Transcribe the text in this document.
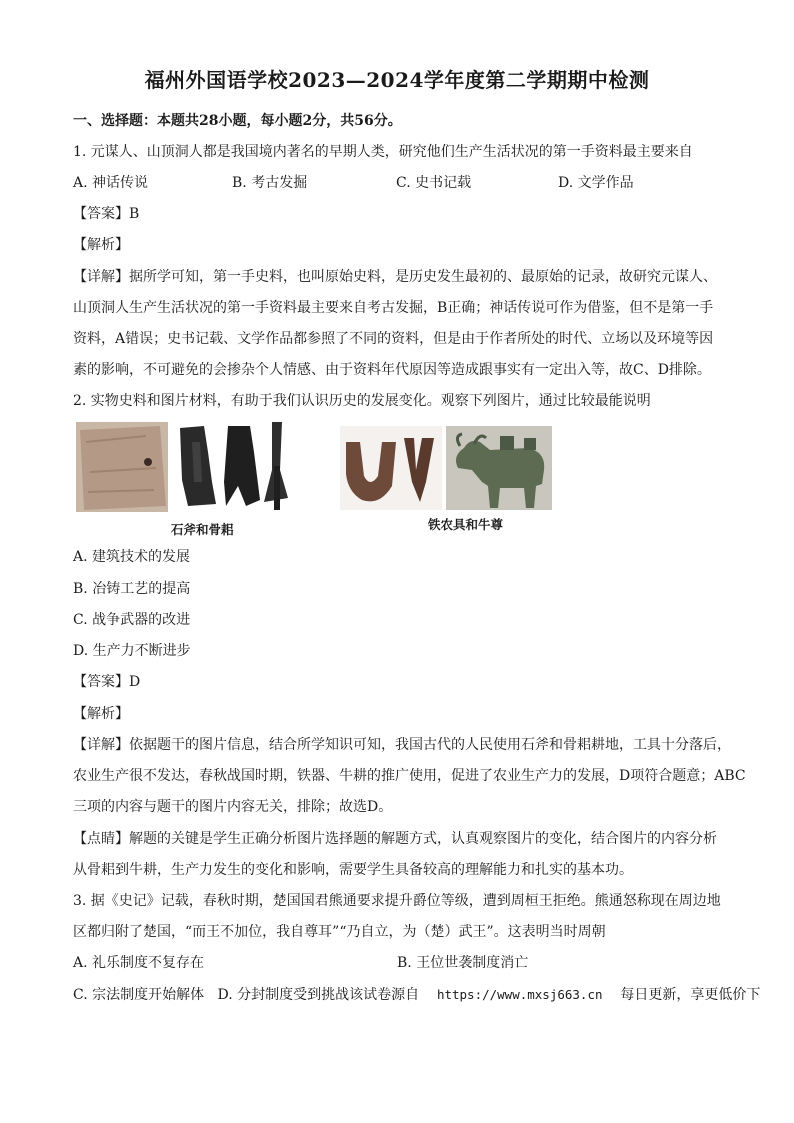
福州外国语学校2023—2024学年度第二学期期中检测
一、选择题：本题共28小题，每小题2分，共56分。
1. 元谋人、山顶洞人都是我国境内著名的早期人类，研究他们生产生活状况的第一手资料最主要来自
A. 神话传说	B. 考古发掘	C. 史书记载	D. 文学作品
【答案】B
【解析】
【详解】据所学可知，第一手史料，也叫原始史料，是历史发生最初的、最原始的记录，故研究元谋人、
山顶洞人生产生活状况的第一手资料最主要来自考古发掘，B正确；神话传说可作为借鉴，但不是第一手
资料，A错误；史书记载、文学作品都参照了不同的资料，但是由于作者所处的时代、立场以及环境等因
素的影响，不可避免的会掺杂个人情感、由于资料年代原因等造成跟事实有一定出入等，故C、D排除。
2. 实物史料和图片材料，有助于我们认识历史的发展变化。观察下列图片，通过比较最能说明
石斧和骨耜	铁农具和牛尊
A. 建筑技术的发展
B. 冶铸工艺的提高
C. 战争武器的改进
D. 生产力不断进步
【答案】D
【解析】
【详解】依据题干的图片信息，结合所学知识可知，我国古代的人民使用石斧和骨耜耕地，工具十分落后，
农业生产很不发达，春秋战国时期，铁器、牛耕的推广使用，促进了农业生产力的发展，D项符合题意；ABC
三项的内容与题干的图片内容无关，排除；故选D。
【点睛】解题的关键是学生正确分析图片选择题的解题方式，认真观察图片的变化，结合图片的内容分析
从骨耜到牛耕，生产力发生的变化和影响，需要学生具备较高的理解能力和扎实的基本功。
3. 据《史记》记载，春秋时期，楚国国君熊通要求提升爵位等级，遭到周桓王拒绝。熊通怒称现在周边地
区都归附了楚国，“而王不加位，我自尊耳”“乃自立，为（楚）武王”。这表明当时周朝
A. 礼乐制度不复存在	B. 王位世袭制度消亡
C. 宗法制度开始解体 D. 分封制度受到挑战该试卷源自 https://www.mxsj663.cn 每日更新，享更低价下
